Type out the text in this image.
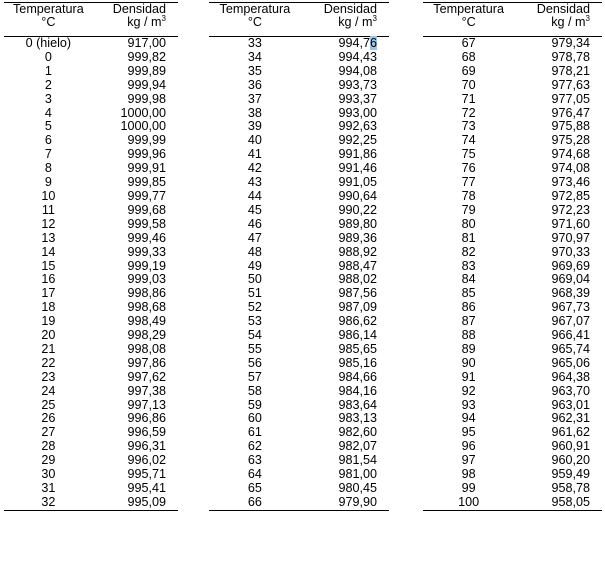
Temperatura
°C	Densidad
kg / $m^3$
0 (hielo)	917,00
0	999,82
1	999,89
2	999,94
3	999,98
4	1000,00
5	1000,00
6	999,99
7	999,96
8	999,91
9	999,85
10	999,77
11	999,68
12	999,58
13	999,46
14	999,33
15	999,19
16	999,03
17	998,86
18	998,68
19	998,49
20	998,29
21	998,08
22	997,86
23	997,62
24	997,38
25	997,13
26	996,86
27	996,59
28	996,31
29	996,02
30	995,71
31	995,41
32	995,09
Temperatura
°C	Densidad
kg / $m^3$
33	994,76
34	994,43
35	994,08
36	993,73
37	993,37
38	993,00
39	992,63
40	992,25
41	991,86
42	991,46
43	991,05
44	990,64
45	990,22
46	989,80
47	989,36
48	988,92
49	988,47
50	988,02
51	987,56
52	987,09
53	986,62
54	986,14
55	985,65
56	985,16
57	984,66
58	984,16
59	983,64
60	983,13
61	982,60
62	982,07
63	981,54
64	981,00
65	980,45
66	979,90
Temperatura
°C	Densidad
kg / $m^3$
67	979,34
68	978,78
69	978,21
70	977,63
71	977,05
72	976,47
73	975,88
74	975,28
75	974,68
76	974,08
77	973,46
78	972,85
79	972,23
80	971,60
81	970,97
82	970,33
83	969,69
84	969,04
85	968,39
86	967,73
87	967,07
88	966,41
89	965,74
90	965,06
91	964,38
92	963,70
93	963,01
94	962,31
95	961,62
96	960,91
97	960,20
98	959,49
99	958,78
100	958,05
